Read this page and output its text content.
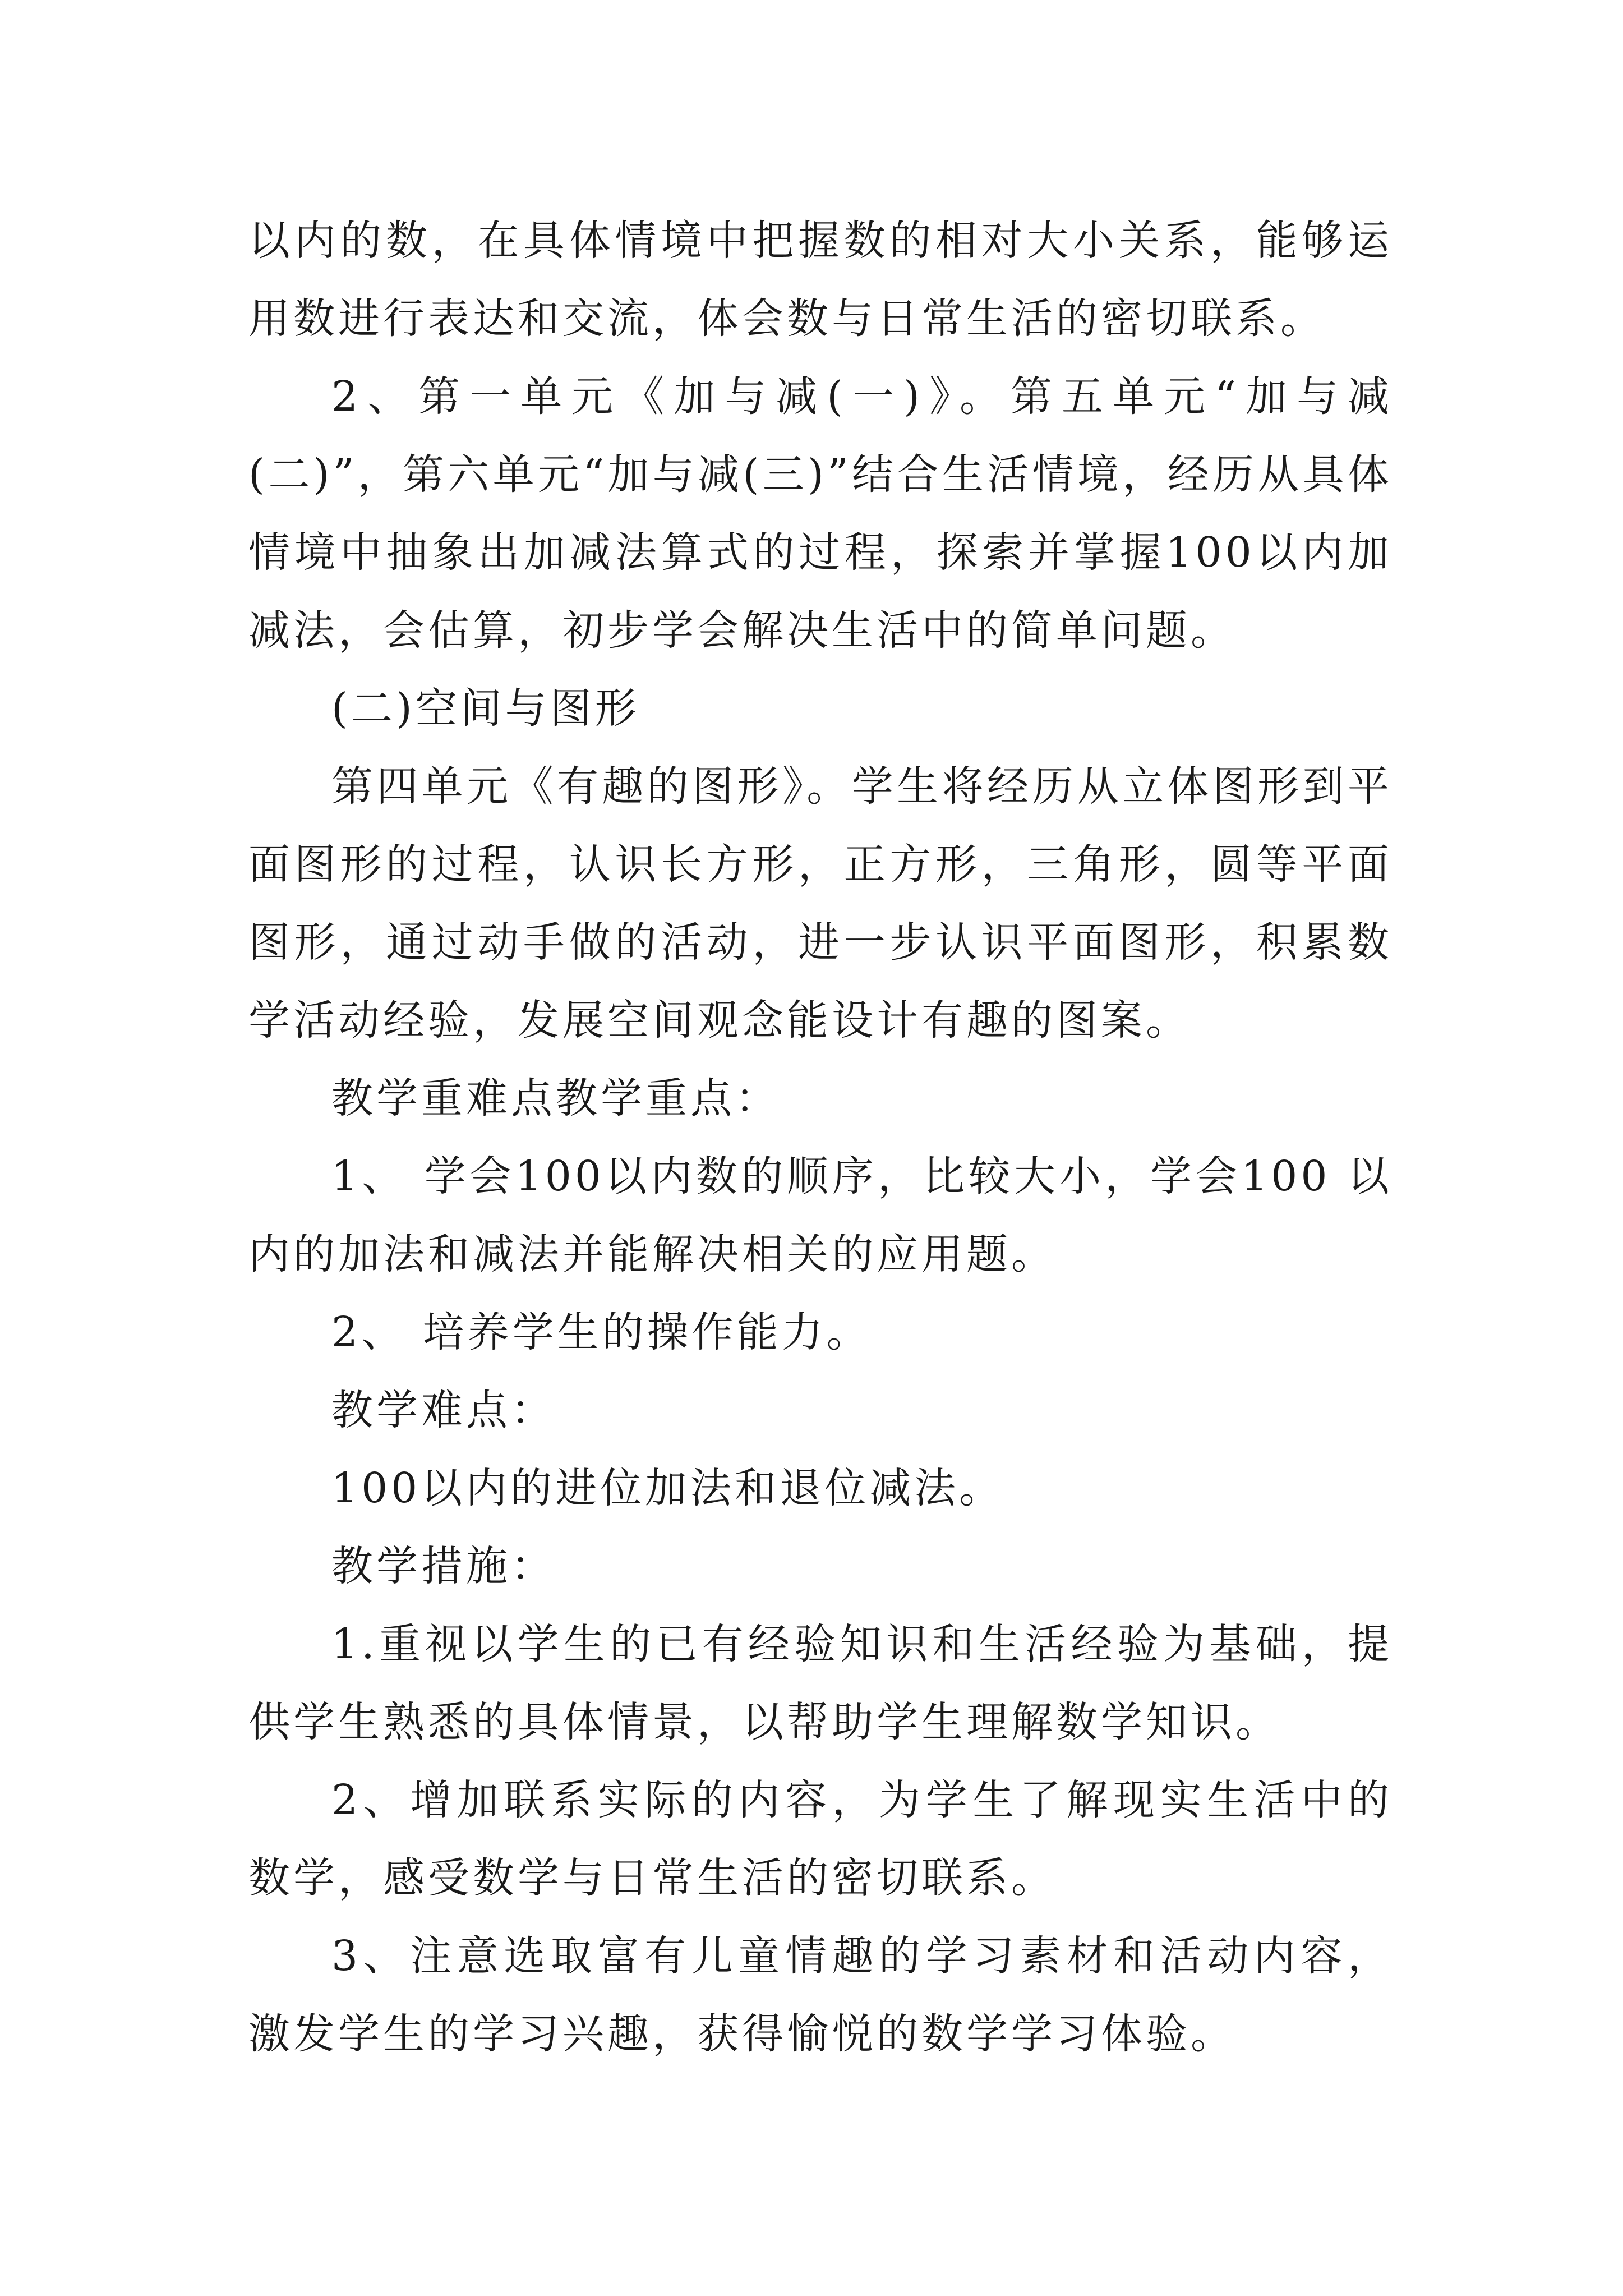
以内的数，在具体情境中把握数的相对大小关系，能够运用数进行表达和交流，体会数与日常生活的密切联系。

2、第一单元《加与减(一)》。第五单元“加与减(二)”，第六单元“加与减(三)”结合生活情境，经历从具体情境中抽象出加减法算式的过程，探索并掌握100以内加减法，会估算，初步学会解决生活中的简单问题。

(二)空间与图形

第四单元《有趣的图形》。学生将经历从立体图形到平面图形的过程，认识长方形，正方形，三角形，圆等平面图形，通过动手做的活动，进一步认识平面图形，积累数学活动经验，发展空间观念能设计有趣的图案。

教学重难点教学重点：

1、 学会100以内数的顺序，比较大小，学会100 以内的加法和减法并能解决相关的应用题。

2、 培养学生的操作能力。

教学难点：

100以内的进位加法和退位减法。

教学措施：

1.重视以学生的已有经验知识和生活经验为基础，提供学生熟悉的具体情景，以帮助学生理解数学知识。

2、增加联系实际的内容，为学生了解现实生活中的数学，感受数学与日常生活的密切联系。

3、注意选取富有儿童情趣的学习素材和活动内容，激发学生的学习兴趣，获得愉悦的数学学习体验。
